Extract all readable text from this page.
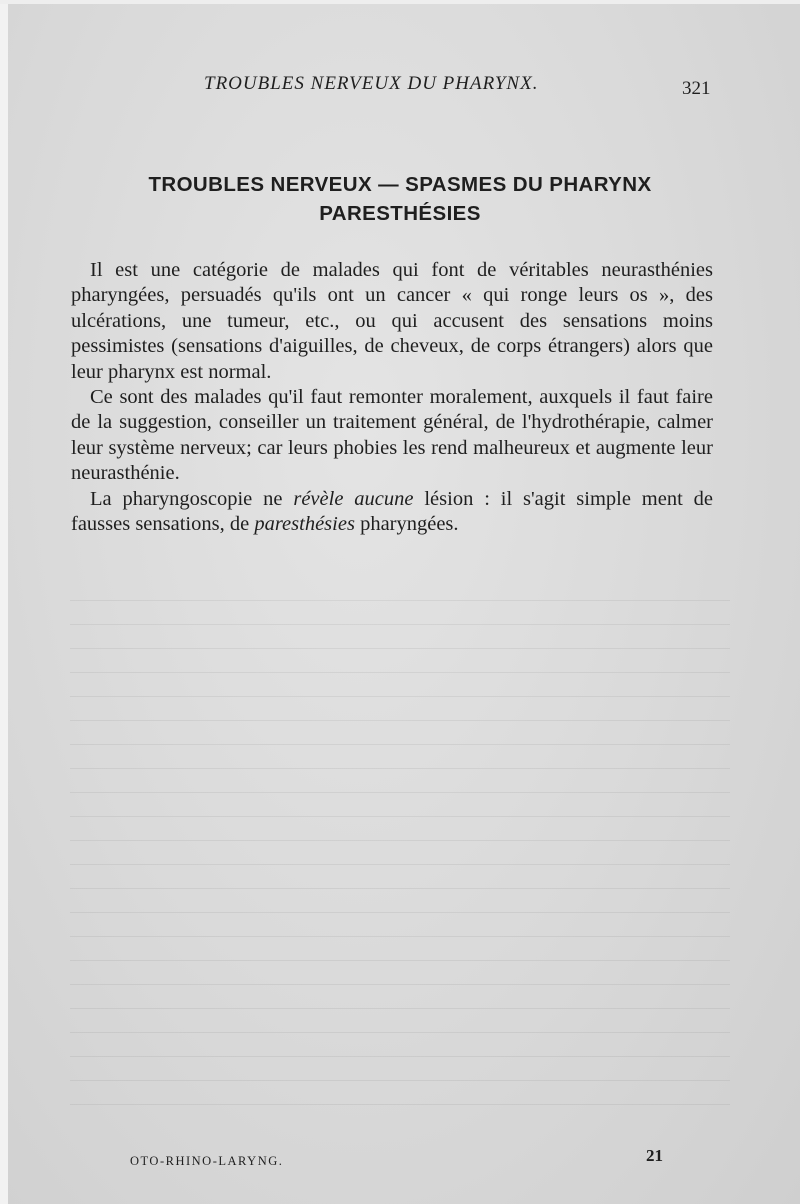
TROUBLES NERVEUX DU PHARYNX.	321
TROUBLES NERVEUX — SPASMES DU PHARYNX
PARESTHÉSIES

Il est une catégorie de malades qui font de véritables neurasthénies pharyngées, persuadés qu'ils ont un cancer « qui ronge leurs os », des ulcérations, une tumeur, etc., ou qui accusent des sensations moins pessimistes (sensations d'aiguilles, de cheveux, de corps étrangers) alors que leur pharynx est normal.

Ce sont des malades qu'il faut remonter moralement, auxquels il faut faire de la suggestion, conseiller un traitement général, de l'hydrothérapie, calmer leur système nerveux; car leurs phobies les rend malheureux et augmente leur neurasthénie.

La pharyngoscopie ne révèle aucune lésion : il s'agit simple ment de fausses sensations, de paresthésies pharyngées.

OTO-RHINO-LARYNG.	21
